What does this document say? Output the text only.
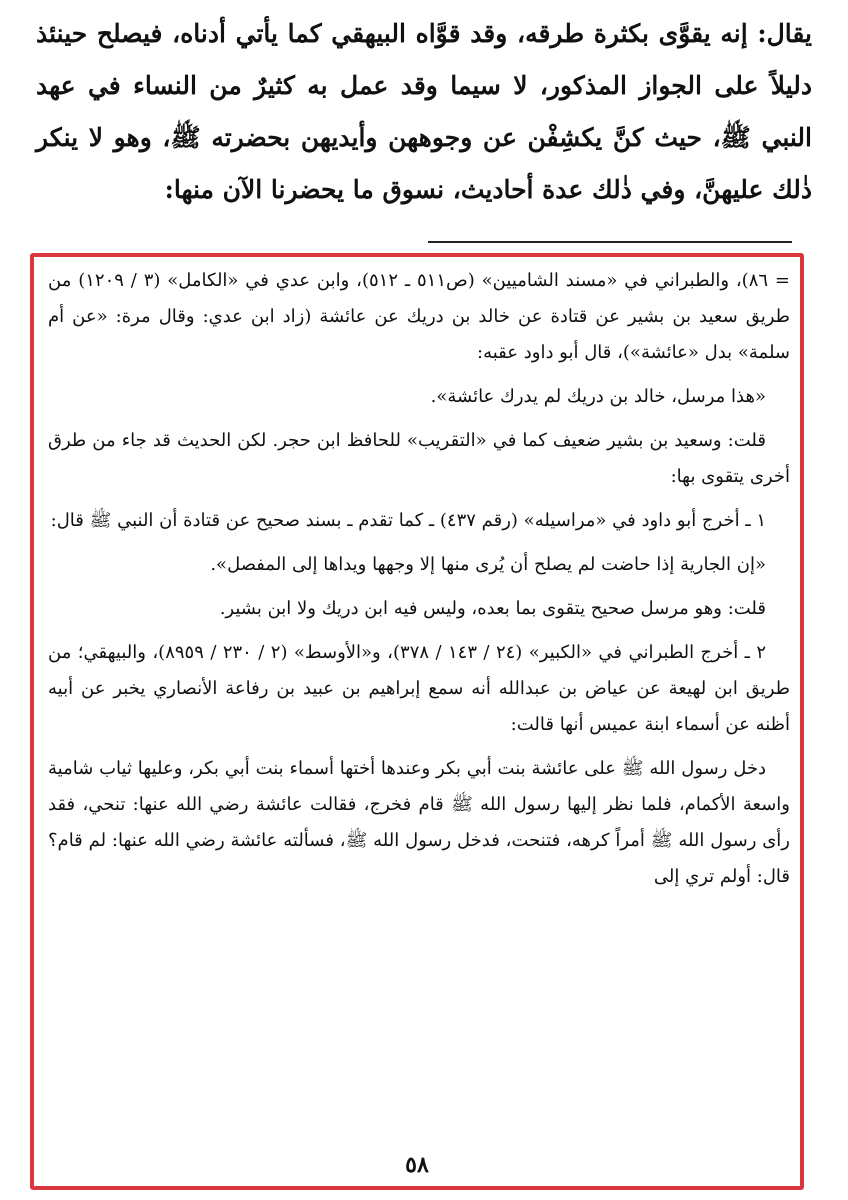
يقال: إنه يقوَّى بكثرة طرقه، وقد قوَّاه البيهقي كما يأتي أدناه، فيصلح حينئذ دليلاً على الجواز المذكور، لا سيما وقد عمل به كثيرٌ من النساء في عهد النبي ﷺ، حيث كنَّ يكشِفْن عن وجوههن وأيديهن بحضرته ﷺ، وهو لا ينكر ذٰلك عليهنَّ، وفي ذٰلك عدة أحاديث، نسوق ما يحضرنا الآن منها:

= ٨٦)، والطبراني في «مسند الشاميين» (ص٥١١ ـ ٥١٢)، وابن عدي في «الكامل» (٣ / ١٢٠٩) من طريق سعيد بن بشير عن قتادة عن خالد بن دريك عن عائشة (زاد ابن عدي: وقال مرة: «عن أم سلمة» بدل «عائشة»)، قال أبو داود عقبه:

«هذا مرسل، خالد بن دريك لم يدرك عائشة».

قلت: وسعيد بن بشير ضعيف كما في «التقريب» للحافظ ابن حجر. لكن الحديث قد جاء من طرق أخرى يتقوى بها:

١ ـ أخرج أبو داود في «مراسيله» (رقم ٤٣٧) ـ كما تقدم ـ بسند صحيح عن قتادة أن النبي ﷺ قال:

«إن الجارية إذا حاضت لم يصلح أن يُرى منها إلا وجهها ويداها إلى المفصل».

قلت: وهو مرسل صحيح يتقوى بما بعده، وليس فيه ابن دريك ولا ابن بشير.

٢ ـ أخرج الطبراني في «الكبير» (٢٤ / ١٤٣ / ٣٧٨)، و«الأوسط» (٢ / ٢٣٠ / ٨٩٥٩)، والبيهقي؛ من طريق ابن لهيعة عن عياض بن عبدالله أنه سمع إبراهيم بن عبيد بن رفاعة الأنصاري يخبر عن أبيه أظنه عن أسماء ابنة عميس أنها قالت:

دخل رسول الله ﷺ على عائشة بنت أبي بكر وعندها أختها أسماء بنت أبي بكر، وعليها ثياب شامية واسعة الأكمام، فلما نظر إليها رسول الله ﷺ قام فخرج، فقالت عائشة رضي الله عنها: تنحي، فقد رأى رسول الله ﷺ أمراً كرهه، فتنحت، فدخل رسول الله ﷺ، فسألته عائشة رضي الله عنها: لم قام؟ قال: أولم تري إلى

٥٨
